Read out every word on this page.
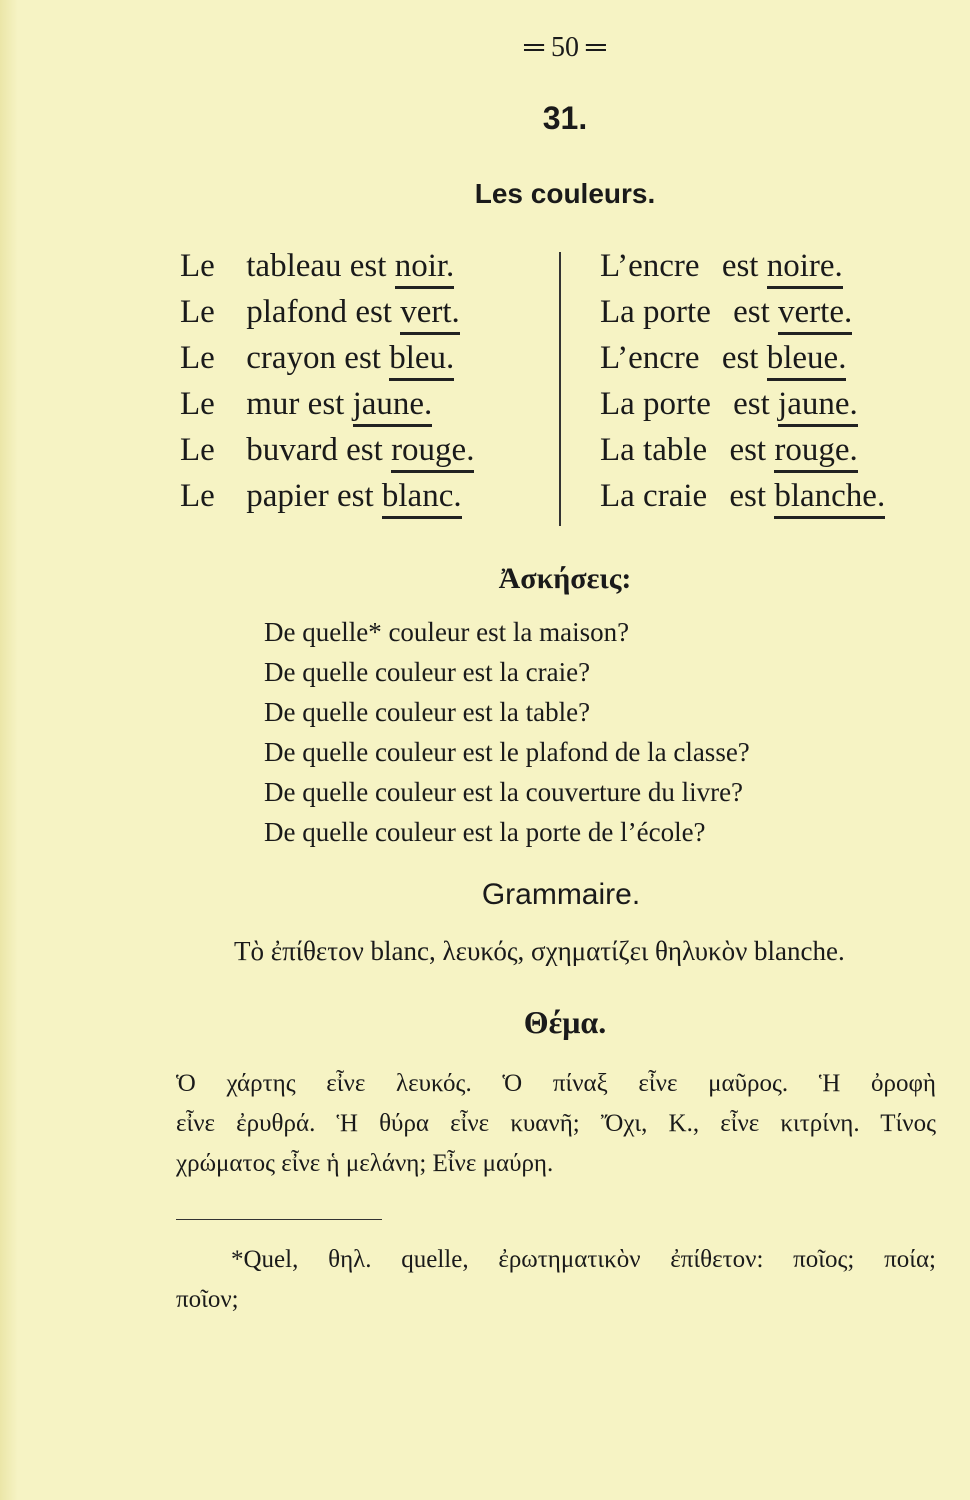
═ 50 ═
31.
Les couleurs.
Le tableau est noir.
Le plafond est vert.
Le crayon est bleu.
Le mur est jaune.
Le buvard est rouge.
Le papier est blanc.
L’encre est noire.
La porte est verte.
L’encre est bleue.
La porte est jaune.
La table est rouge.
La craie est blanche.
Ἀσκήσεις:
De quelle* couleur est la maison?
De quelle couleur est la craie?
De quelle couleur est la table?
De quelle couleur est le plafond de la classe?
De quelle couleur est la couverture du livre?
De quelle couleur est la porte de l’école?
Grammaire.
Τὸ ἐπίθετον blanc, λευκός, σχηματίζει θηλυκὸν blanche.
Θέμα.
Ὁ χάρτης εἶνε λευκός. Ὁ πίναξ εἶνε μαῦρος. Ἡ ὀροφὴ
εἶνε ἐρυθρά. Ἡ θύρα εἶνε κυανῆ; Ὄχι, Κ., εἶνε κιτρίνη. Τίνος
χρώματος εἶνε ἡ μελάνη; Εἶνε μαύρη.
*Quel, θηλ. quelle, ἐρωτηματικὸν ἐπίθετον: ποῖος; ποία;
ποῖον;
